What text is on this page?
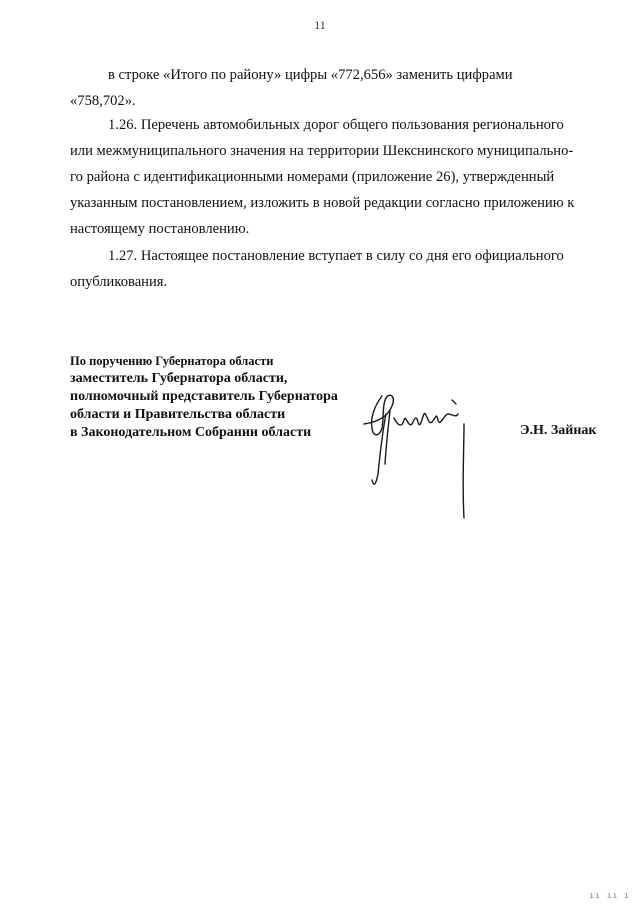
11
в строке «Итого по району» цифры «772,656» заменить цифрами
«758,702».
1.26. Перечень автомобильных дорог общего пользования регионального
или межмуниципального значения на территории Шекснинского муниципально-
го района с идентификационными номерами (приложение 26), утвержденный
указанным постановлением, изложить в новой редакции согласно приложению к
настоящему постановлению.
1.27. Настоящее постановление вступает в силу со дня его официального
опубликования.
По поручению Губернатора области
заместитель Губернатора области,
полномочный представитель Губернатора
области и Правительства области
в Законодательном Собрании области	Э.Н. Зайнак
ıı ıı ı
